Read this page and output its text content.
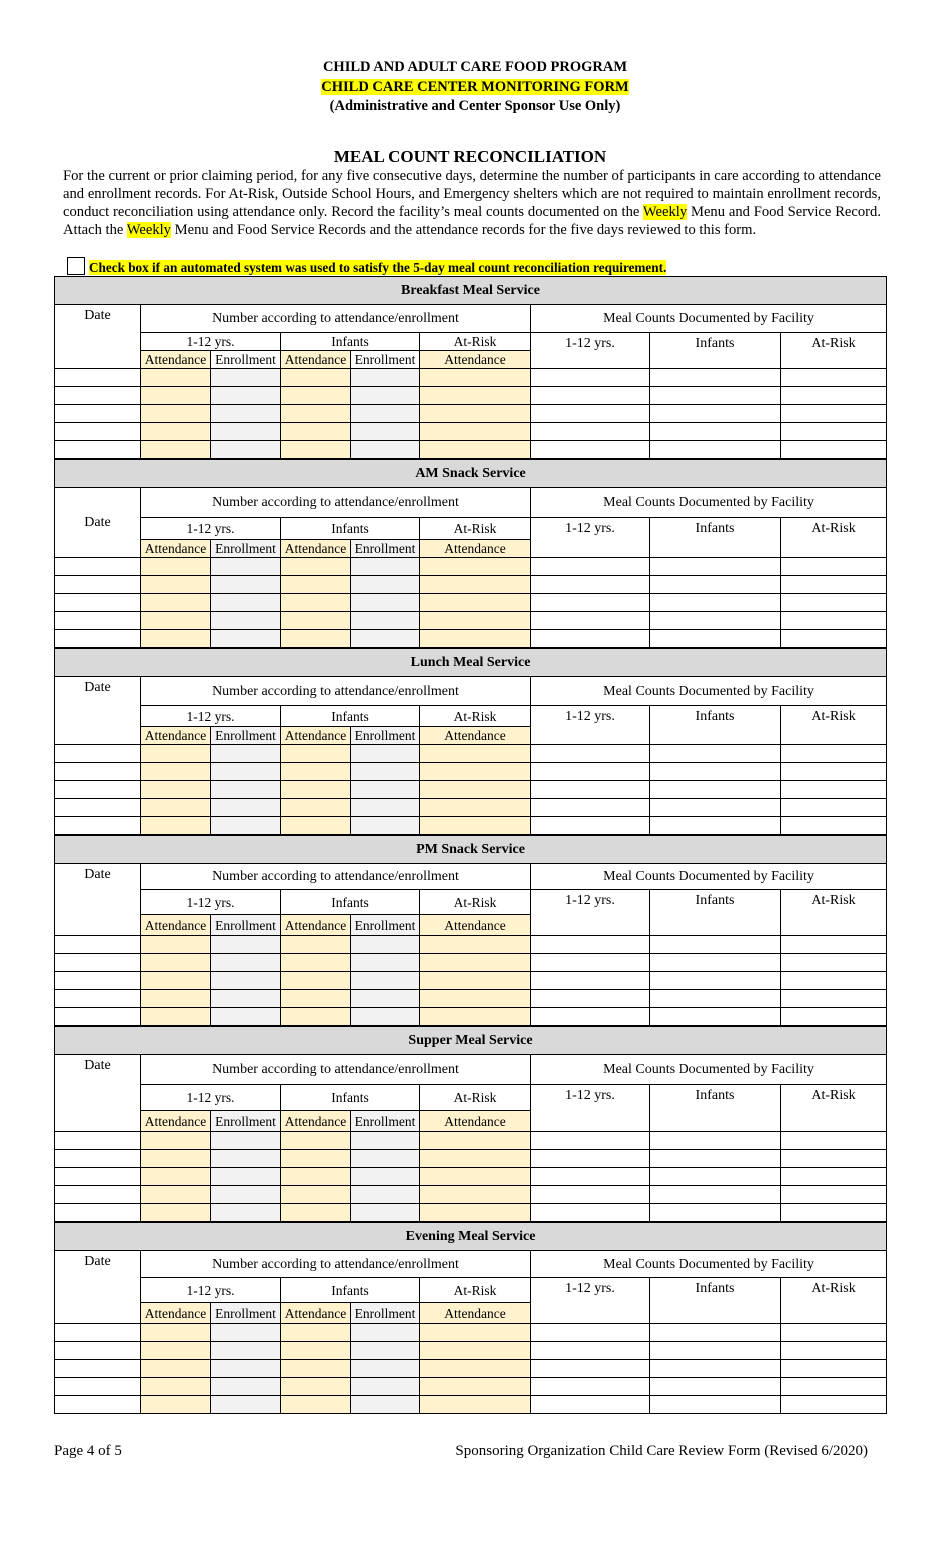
CHILD AND ADULT CARE FOOD PROGRAM
CHILD CARE CENTER MONITORING FORM
(Administrative and Center Sponsor Use Only)
MEAL COUNT RECONCILIATION
For the current or prior claiming period, for any five consecutive days, determine the number of participants in care according to attendance and enrollment records. For At-Risk, Outside School Hours, and Emergency shelters which are not required to maintain enrollment records, conduct reconciliation using attendance only. Record the facility’s meal counts documented on the Weekly Menu and Food Service Record. Attach the Weekly Menu and Food Service Records and the attendance records for the five days reviewed to this form.
Check box if an automated system was used to satisfy the 5-day meal count reconciliation requirement.
Breakfast Meal Service								
Date	Number according to attendance/enrollment					Meal Counts Documented by Facility		
	1-12 yrs.		Infants		At-Risk	1-12 yrs.	Infants	At-Risk
	Attendance	Enrollment	Attendance	Enrollment	Attendance			

AM Snack Service								
Date	Number according to attendance/enrollment					Meal Counts Documented by Facility		
	1-12 yrs.		Infants		At-Risk	1-12 yrs.	Infants	At-Risk
	Attendance	Enrollment	Attendance	Enrollment	Attendance			

Lunch Meal Service								
Date	Number according to attendance/enrollment					Meal Counts Documented by Facility		
	1-12 yrs.		Infants		At-Risk	1-12 yrs.	Infants	At-Risk
	Attendance	Enrollment	Attendance	Enrollment	Attendance			

PM Snack Service								
Date	Number according to attendance/enrollment					Meal Counts Documented by Facility		
	1-12 yrs.		Infants		At-Risk	1-12 yrs.	Infants	At-Risk
	Attendance	Enrollment	Attendance	Enrollment	Attendance			

Supper Meal Service								
Date	Number according to attendance/enrollment					Meal Counts Documented by Facility		
	1-12 yrs.		Infants		At-Risk	1-12 yrs.	Infants	At-Risk
	Attendance	Enrollment	Attendance	Enrollment	Attendance			

Evening Meal Service								
Date	Number according to attendance/enrollment					Meal Counts Documented by Facility		
	1-12 yrs.		Infants		At-Risk	1-12 yrs.	Infants	At-Risk
	Attendance	Enrollment	Attendance	Enrollment	Attendance			

Page 4 of 5	Sponsoring Organization Child Care Review Form (Revised 6/2020)
